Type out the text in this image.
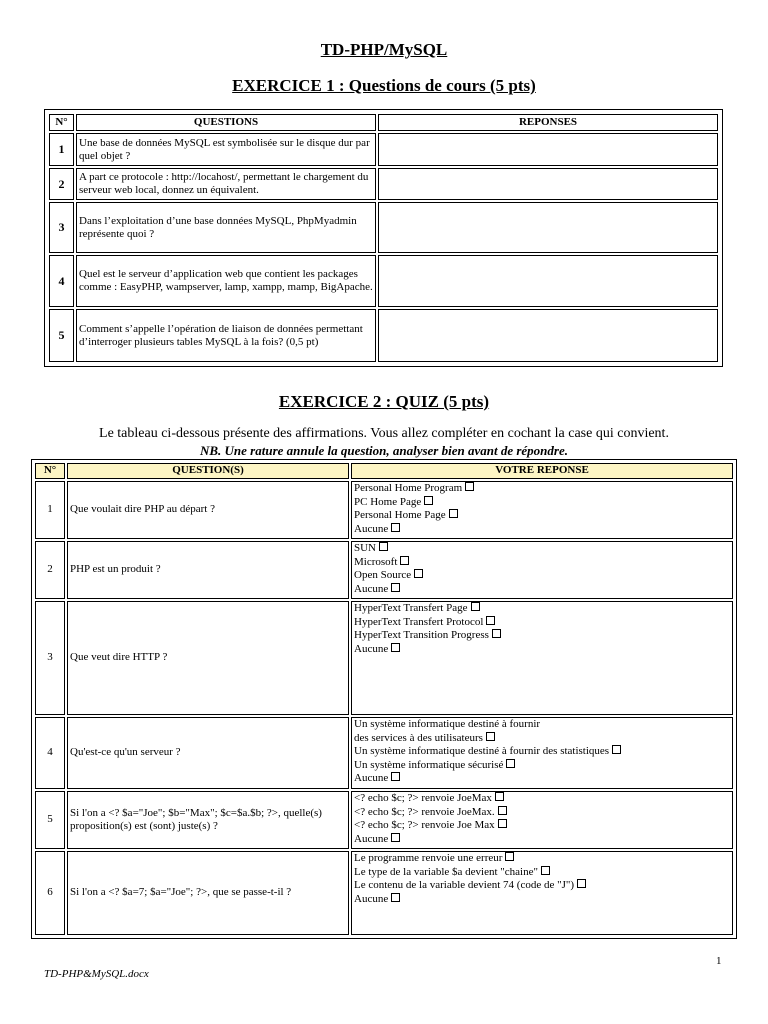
TD-PHP/MySQL
EXERCICE 1 : Questions de cours (5 pts)
N°	QUESTIONS	REPONSES
1	Une base de données MySQL est symbolisée sur le disque dur par quel objet ?	
2	A part ce protocole : http://locahost/, permettant le chargement du serveur web local, donnez un équivalent.	
3	Dans l’exploitation d’une base données MySQL, PhpMyadmin représente quoi ?	
4	Quel est le serveur d’application web que contient les packages comme : EasyPHP, wampserver, lamp, xampp, mamp, BigApache.	
5	Comment s’appelle l’opération de liaison de données permettant d’interroger plusieurs tables MySQL à la fois? (0,5 pt)	
EXERCICE 2 : QUIZ (5 pts)
Le tableau ci-dessous présente des affirmations. Vous allez compléter en cochant la case qui convient.
NB. Une rature annule la question, analyser bien avant de répondre.
N°	QUESTION(S)	VOTRE REPONSE
1	Que voulait dire PHP au départ ?	Personal Home Program
PC Home Page
Personal Home Page
Aucune

2	PHP est un produit ?	SUN
Microsoft
Open Source
Aucune

3	Que veut dire HTTP ?	HyperText Transfert Page
HyperText Transfert Protocol
HyperText Transition Progress
Aucune

4	Qu'est-ce qu'un serveur ?	Un système informatique destiné à fournir des services à des utilisateurs
Un système informatique destiné à fournir des statistiques
Un système informatique sécurisé
Aucune

5	Si l'on a <? $a="Joe"; $b="Max"; $c=$a.$b; ?>, quelle(s) proposition(s) est (sont) juste(s) ?	<? echo $c; ?> renvoie JoeMax
<? echo $c; ?> renvoie JoeMax.
<? echo $c; ?> renvoie Joe Max
Aucune

6	Si l'on a <? $a=7; $a="Joe"; ?>, que se passe-t-il ?	Le programme renvoie une erreur
Le type de la variable $a devient "chaine"
Le contenu de la variable devient 74 (code de "J")
Aucune
1
TD-PHP&MySQL.docx
